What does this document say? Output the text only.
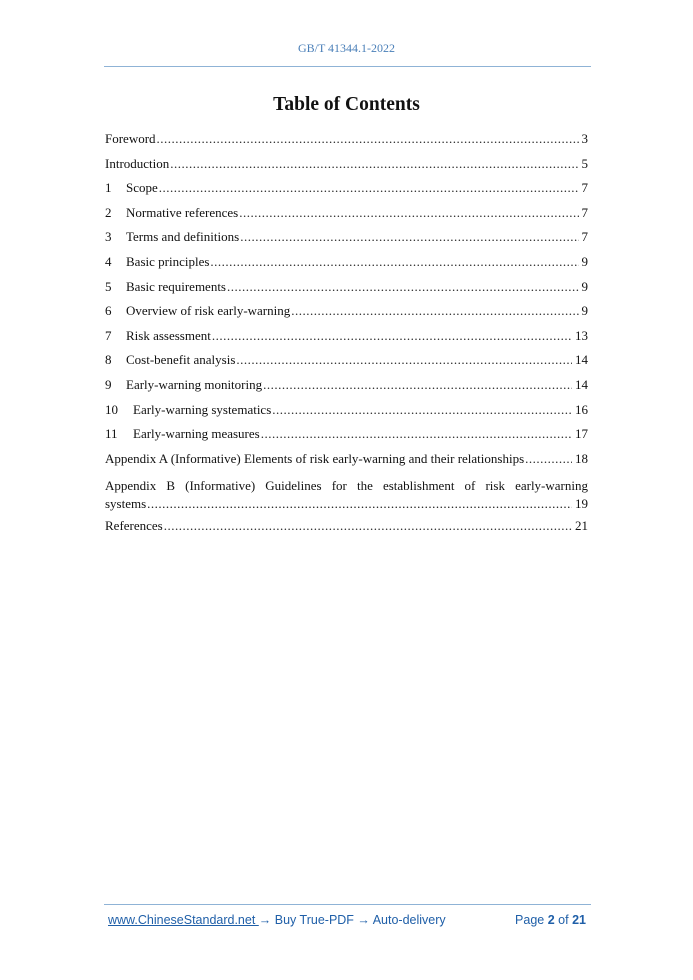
GB/T 41344.1-2022
Table of Contents
Foreword .....	3
Introduction .....	5
1	Scope .....	7
2	Normative references .....	7
3	Terms and definitions .....	7
4	Basic principles .....	9
5	Basic requirements .....	9
6	Overview of risk early-warning .....	9
7	Risk assessment .....	13
8	Cost-benefit analysis .....	14
9	Early-warning monitoring .....	14
10	Early-warning systematics .....	16
11	Early-warning measures .....	17
Appendix A (Informative) Elements of risk early-warning and their relationships .....	18
Appendix B (Informative) Guidelines for the establishment of risk early-warning
systems .....	19
References .....	21
www.ChineseStandard.net → Buy True-PDF → Auto-delivery	Page 2 of 21
